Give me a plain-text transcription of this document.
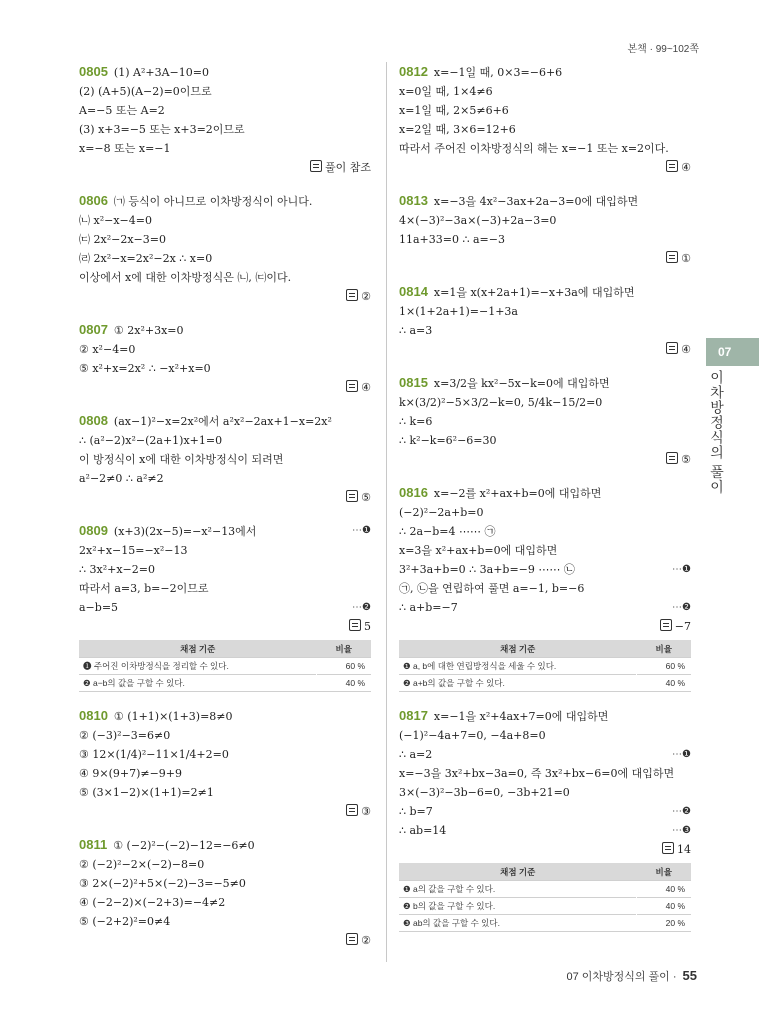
본책 · 99~102쪽
0805 (1) A²+3A−10=0
(2) (A+5)(A−2)=0이므로
A=−5 또는 A=2
(3) x+3=−5 또는 x+3=2이므로
x=−8 또는 x=−1
풀이 참조
0806 ㈀ 등식이 아니므로 이차방정식이 아니다.
㈁ x²−x−4=0
㈂ 2x²−2x−3=0
㈃ 2x²−x=2x²−2x ∴ x=0
이상에서 x에 대한 이차방정식은 ㈁, ㈂이다.
②
0807 ① 2x²+3x=0
② x²−4=0
⑤ x²+x=2x² ∴ −x²+x=0
④
0808 (ax−1)²−x=2x²에서 a²x²−2ax+1−x=2x²
∴ (a²−2)x²−(2a+1)x+1=0
이 방정식이 x에 대한 이차방정식이 되려면
a²−2≠0 ∴ a²≠2
⑤
0809 (x+3)(2x−5)=−x²−13에서	⋯❶
2x²+x−15=−x²−13
∴ 3x²+x−2=0
따라서 a=3, b=−2이므로
a−b=5	⋯❷
5
채점 기준	비율
❶ 주어진 이차방정식을 정리할 수 있다.	60 %
❷ a−b의 값을 구할 수 있다.	40 %
0810 ① (1+1)×(1+3)=8≠0
② (−3)²−3=6≠0
③ 12×(1/4)²−11×1/4+2=0
④ 9×(9+7)≠−9+9
⑤ (3×1−2)×(1+1)=2≠1
③
0811 ① (−2)²−(−2)−12=−6≠0
② (−2)²−2×(−2)−8=0
③ 2×(−2)²+5×(−2)−3=−5≠0
④ (−2−2)×(−2+3)=−4≠2
⑤ (−2+2)²=0≠4
②
0812 x=−1일 때, 0×3=−6+6
x=0일 때, 1×4≠6
x=1일 때, 2×5≠6+6
x=2일 때, 3×6=12+6
따라서 주어진 이차방정식의 해는 x=−1 또는 x=2이다.
④
0813 x=−3을 4x²−3ax+2a−3=0에 대입하면
4×(−3)²−3a×(−3)+2a−3=0
11a+33=0 ∴ a=−3
①
0814 x=1을 x(x+2a+1)=−x+3a에 대입하면
1×(1+2a+1)=−1+3a
∴ a=3
④
0815 x=3/2을 kx²−5x−k=0에 대입하면
k×(3/2)²−5×3/2−k=0, 5/4k−15/2=0
∴ k=6
∴ k²−k=6²−6=30
⑤
0816 x=−2를 x²+ax+b=0에 대입하면
(−2)²−2a+b=0
∴ 2a−b=4 ⋯⋯ ㉠
x=3을 x²+ax+b=0에 대입하면
3²+3a+b=0 ∴ 3a+b=−9 ⋯⋯ ㉡	⋯❶
㉠, ㉡을 연립하여 풀면 a=−1, b=−6
∴ a+b=−7	⋯❷
−7
채점 기준	비율
❶ a, b에 대한 연립방정식을 세울 수 있다.	60 %
❷ a+b의 값을 구할 수 있다.	40 %
0817 x=−1을 x²+4ax+7=0에 대입하면
(−1)²−4a+7=0, −4a+8=0
∴ a=2	⋯❶
x=−3을 3x²+bx−3a=0, 즉 3x²+bx−6=0에 대입하면
3×(−3)²−3b−6=0, −3b+21=0
∴ b=7	⋯❷
∴ ab=14	⋯❸
14
채점 기준	비율
❶ a의 값을 구할 수 있다.	40 %
❷ b의 값을 구할 수 있다.	40 %
❸ ab의 값을 구할 수 있다.	20 %
07
이차방정식의 풀이
07 이차방정식의 풀이 · 55
